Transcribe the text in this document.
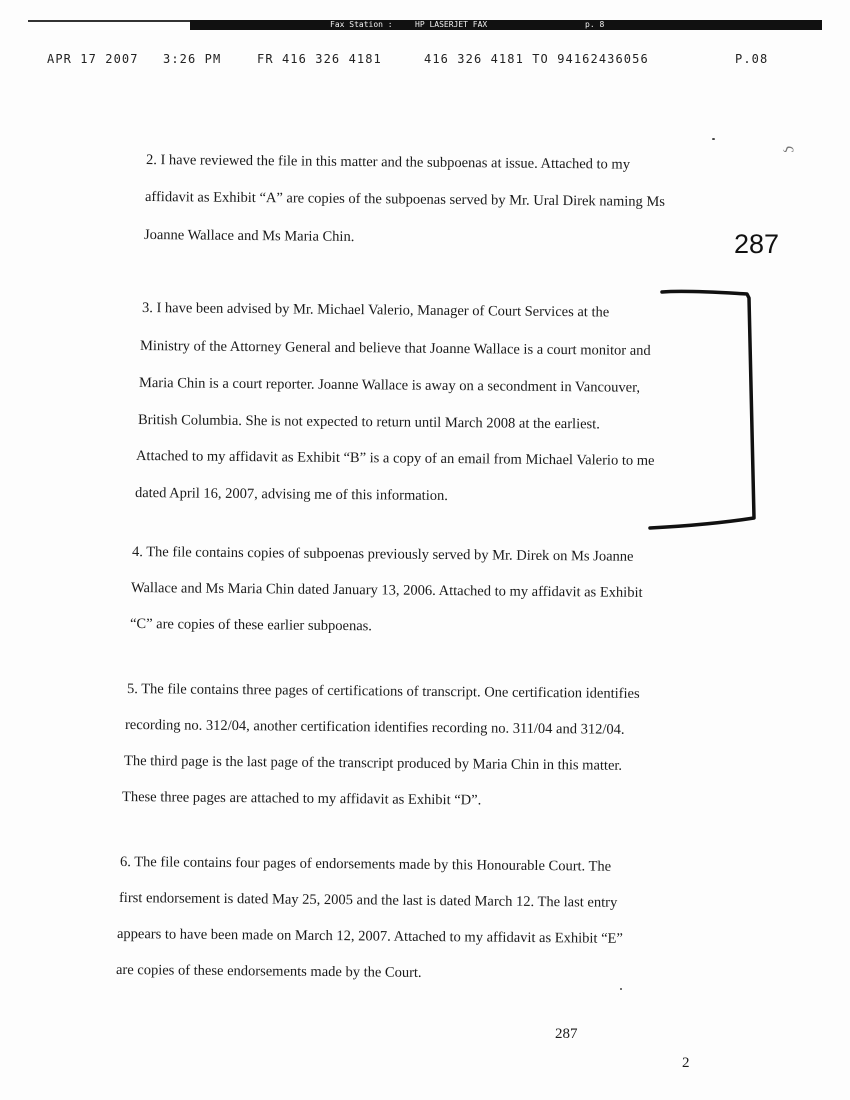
Fax Station :	HP LASERJET FAX	p. 8
APR 17 2007 3:26 PM	FR 416 326 4181	416 326 4181 TO 94162436056	P.08
ς
287
2. I have reviewed the file in this matter and the subpoenas at issue. Attached to my
affidavit as Exhibit “A” are copies of the subpoenas served by Mr. Ural Direk naming Ms
Joanne Wallace and Ms Maria Chin.
3. I have been advised by Mr. Michael Valerio, Manager of Court Services at the
Ministry of the Attorney General and believe that Joanne Wallace is a court monitor and
Maria Chin is a court reporter. Joanne Wallace is away on a secondment in Vancouver,
British Columbia. She is not expected to return until March 2008 at the earliest.
Attached to my affidavit as Exhibit “B” is a copy of an email from Michael Valerio to me
dated April 16, 2007, advising me of this information.
4. The file contains copies of subpoenas previously served by Mr. Direk on Ms Joanne
Wallace and Ms Maria Chin dated January 13, 2006. Attached to my affidavit as Exhibit
“C” are copies of these earlier subpoenas.
5. The file contains three pages of certifications of transcript. One certification identifies
recording no. 312/04, another certification identifies recording no. 311/04 and 312/04.
The third page is the last page of the transcript produced by Maria Chin in this matter.
These three pages are attached to my affidavit as Exhibit “D”.
6. The file contains four pages of endorsements made by this Honourable Court. The
first endorsement is dated May 25, 2005 and the last is dated March 12. The last entry
appears to have been made on March 12, 2007. Attached to my affidavit as Exhibit “E”
are copies of these endorsements made by the Court.
287
2
